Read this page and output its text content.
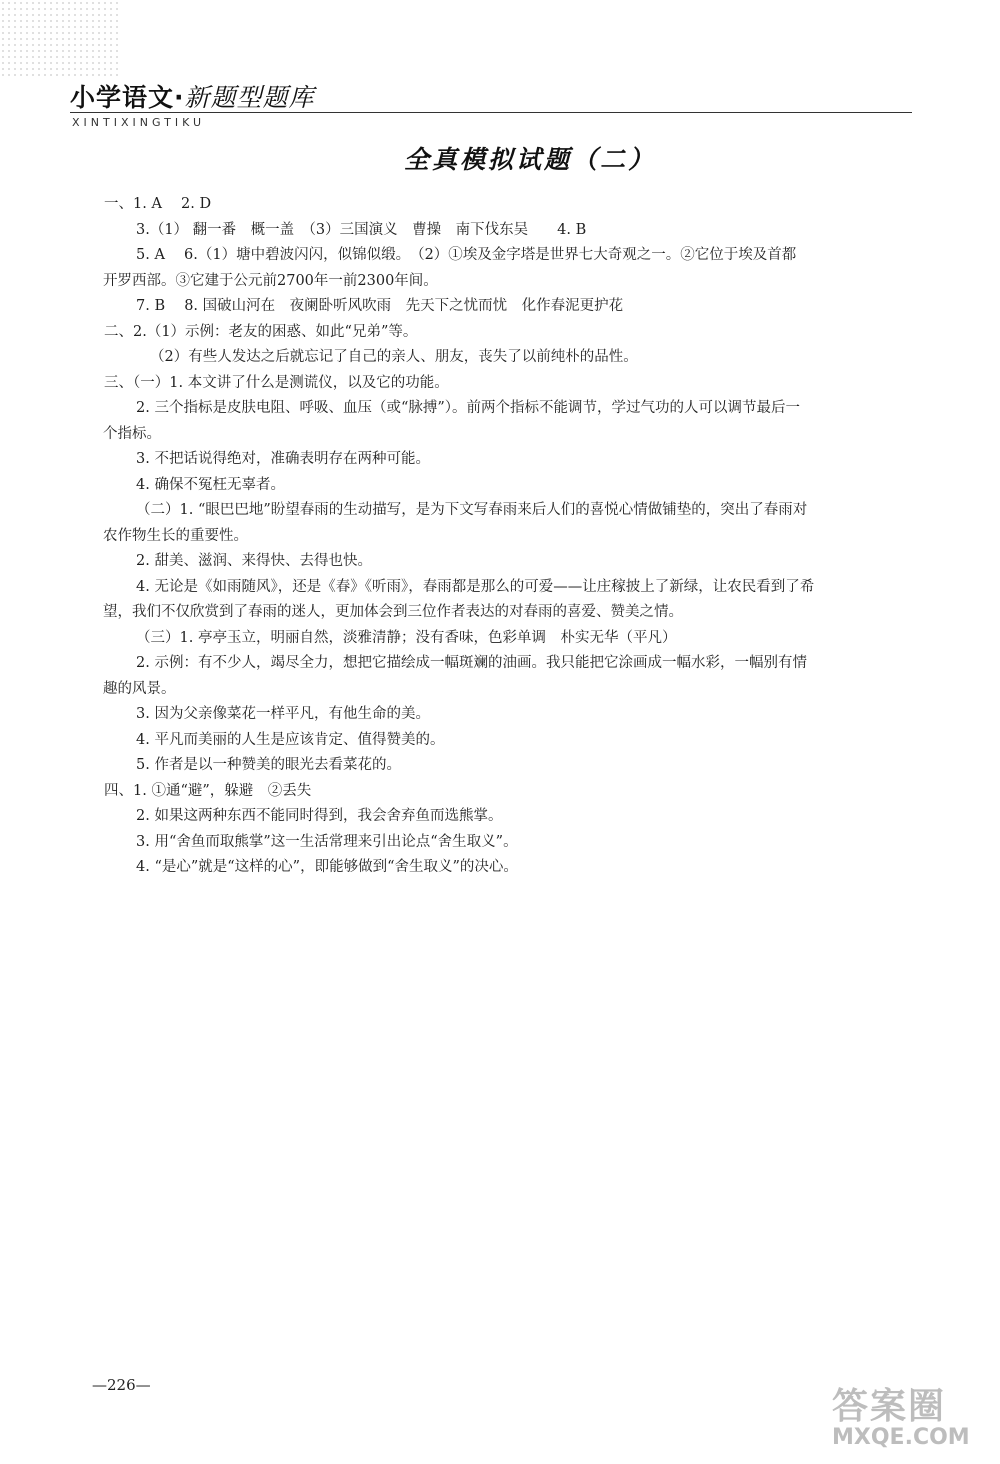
小学语文·新题型题库
XINTIXINGTIKU
全真模拟试题（二）
一、1. A　 2. D
3.（1） 翻一番　概一盖　（3）三国演义　曹操　南下伐东吴　　4. B
5. A　 6.（1）塘中碧波闪闪，似锦似缎。　（2）①埃及金字塔是世界七大奇观之一。②它位于埃及首都
开罗西部。③它建于公元前2700年一前2300年间。
7. B　 8. 国破山河在　夜阑卧听风吹雨　先天下之忧而忧　化作春泥更护花
二、2.（1）示例：老友的困惑、如此“兄弟”等。
（2）有些人发达之后就忘记了自己的亲人、朋友，丧失了以前纯朴的品性。
三、（一）1. 本文讲了什么是测谎仪，以及它的功能。
2. 三个指标是皮肤电阻、呼吸、血压（或“脉搏”）。前两个指标不能调节，学过气功的人可以调节最后一
个指标。
3. 不把话说得绝对，准确表明存在两种可能。
4. 确保不冤枉无辜者。
（二）1. “眼巴巴地”盼望春雨的生动描写，是为下文写春雨来后人们的喜悦心情做铺垫的，突出了春雨对
农作物生长的重要性。
2. 甜美、滋润、来得快、去得也快。
4. 无论是《如雨随风》，还是《春》《听雨》，春雨都是那么的可爱——让庄稼披上了新绿，让农民看到了希
望，我们不仅欣赏到了春雨的迷人，更加体会到三位作者表达的对春雨的喜爱、赞美之情。
（三）1. 亭亭玉立，明丽自然，淡雅清静；没有香味，色彩单调　朴实无华（平凡）
2. 示例：有不少人，竭尽全力，想把它描绘成一幅斑斓的油画。我只能把它涂画成一幅水彩，一幅别有情
趣的风景。
3. 因为父亲像菜花一样平凡，有他生命的美。
4. 平凡而美丽的人生是应该肯定、值得赞美的。
5. 作者是以一种赞美的眼光去看菜花的。
四、1. ①通“避”，躲避　②丢失
2. 如果这两种东西不能同时得到，我会舍弃鱼而选熊掌。
3. 用“舍鱼而取熊掌”这一生活常理来引出论点“舍生取义”。
4. “是心”就是“这样的心”，即能够做到“舍生取义”的决心。
—226—
答案圈
MXQE.COM
